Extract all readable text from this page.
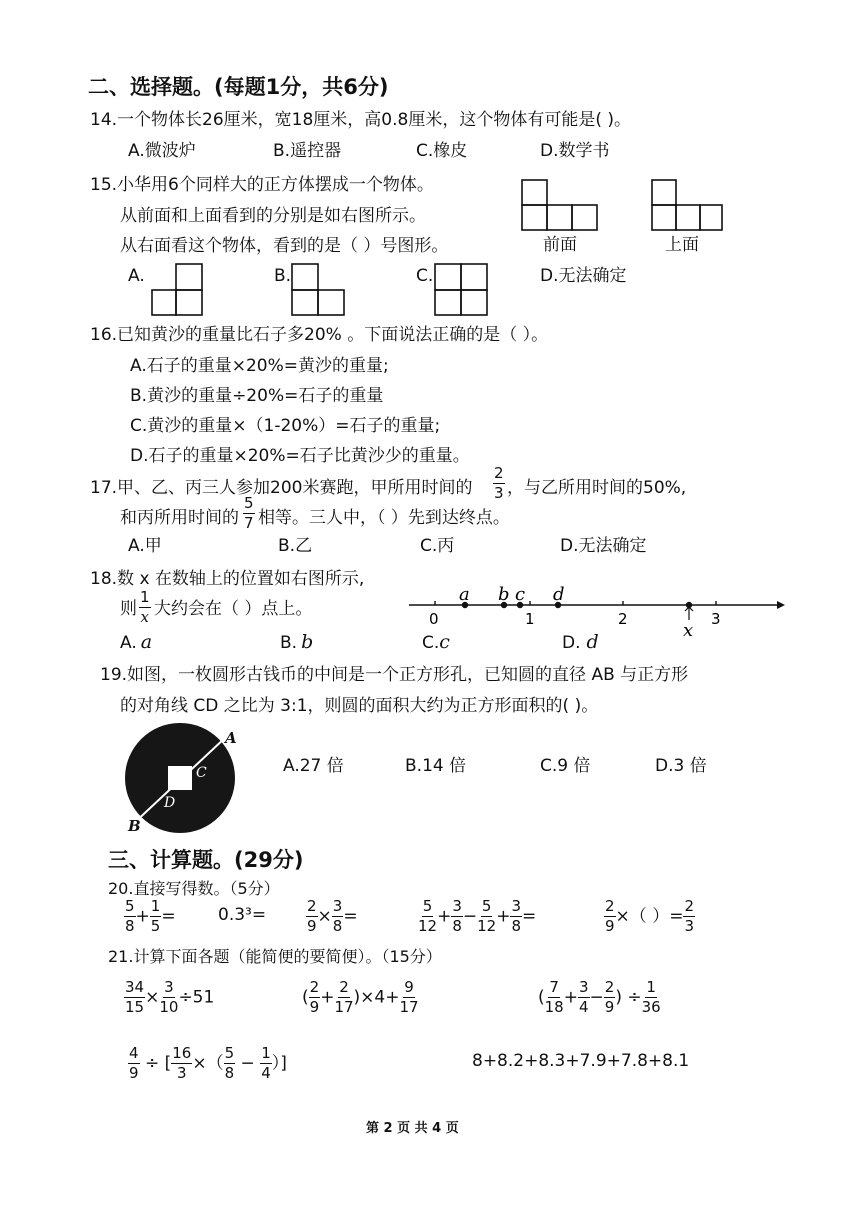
二、选择题。(每题1分，共6分)
14.一个物体长26厘米，宽18厘米，高0.8厘米，这个物体有可能是( )。
A.微波炉	B.遥控器	C.橡皮	D.数学书
15.小华用6个同样大的正方体摆成一个物体。
从前面和上面看到的分别是如右图所示。
从右面看这个物体，看到的是（ ）号图形。	前面	上面
A.	B.	C.	D.无法确定
16.已知黄沙的重量比石子多20% 。下面说法正确的是（ ）。
A.石子的重量×20%=黄沙的重量;
B.黄沙的重量÷20%=石子的重量
C.黄沙的重量×（1-20%）=石子的重量;
D.石子的重量×20%=石子比黄沙少的重量。
17.甲、乙、丙三人参加200米赛跑，甲所用时间的 $\frac{2}{3}$ ，与乙所用时间的50%,
和丙所用时间的 $\frac{5}{7}$ 相等。三人中，（ ）先到达终点。
A.甲	B.乙	C.丙	D.无法确定
18.数 x 在数轴上的位置如右图所示,
则 $\frac{1}{x}$ 大约会在（ ）点上。
A. a	B. b	C.c	D. d
0	1	2	3
a b c d
x
19.如图，一枚圆形古钱币的中间是一个正方形孔，已知圆的直径 AB 与正方形
的对角线 CD 之比为 3:1，则圆的面积大约为正方形面积的( )。
A
B
C
D
A.27 倍	B.14 倍	C.9 倍	D.3 倍
三、计算题。(29分)
20.直接写得数。（5分）
$\frac{5}{8} + \frac{1}{5} = 0.3^3=$	$\frac{2}{9} \times \frac{3}{8}$ =	$\frac{5}{12} + \frac{3}{8} - \frac{5}{12} + \frac{3}{8}$ =	$\frac{2}{9}$ ×（ ）= $\frac{2}{3}$
21.计算下面各题（能简便的要简便）。（15分）
$\frac{34}{15} \times \frac{3}{10} \div 51$	( $\frac{2}{9} + \frac{2}{17} )\times 4+ \frac{9}{17}$	( $\frac{7}{18} + \frac{3}{4} - \frac{2}{9}$ ) ÷ $\frac{1}{36}$
$\frac{4}{9}$ ÷ [ $\frac{16}{3}$ ×（ $\frac{5}{8} - \frac{1}{4}$ ）]	8+8.2+8.3+7.9+7.8+8.1
第 2 页 共 4 页
